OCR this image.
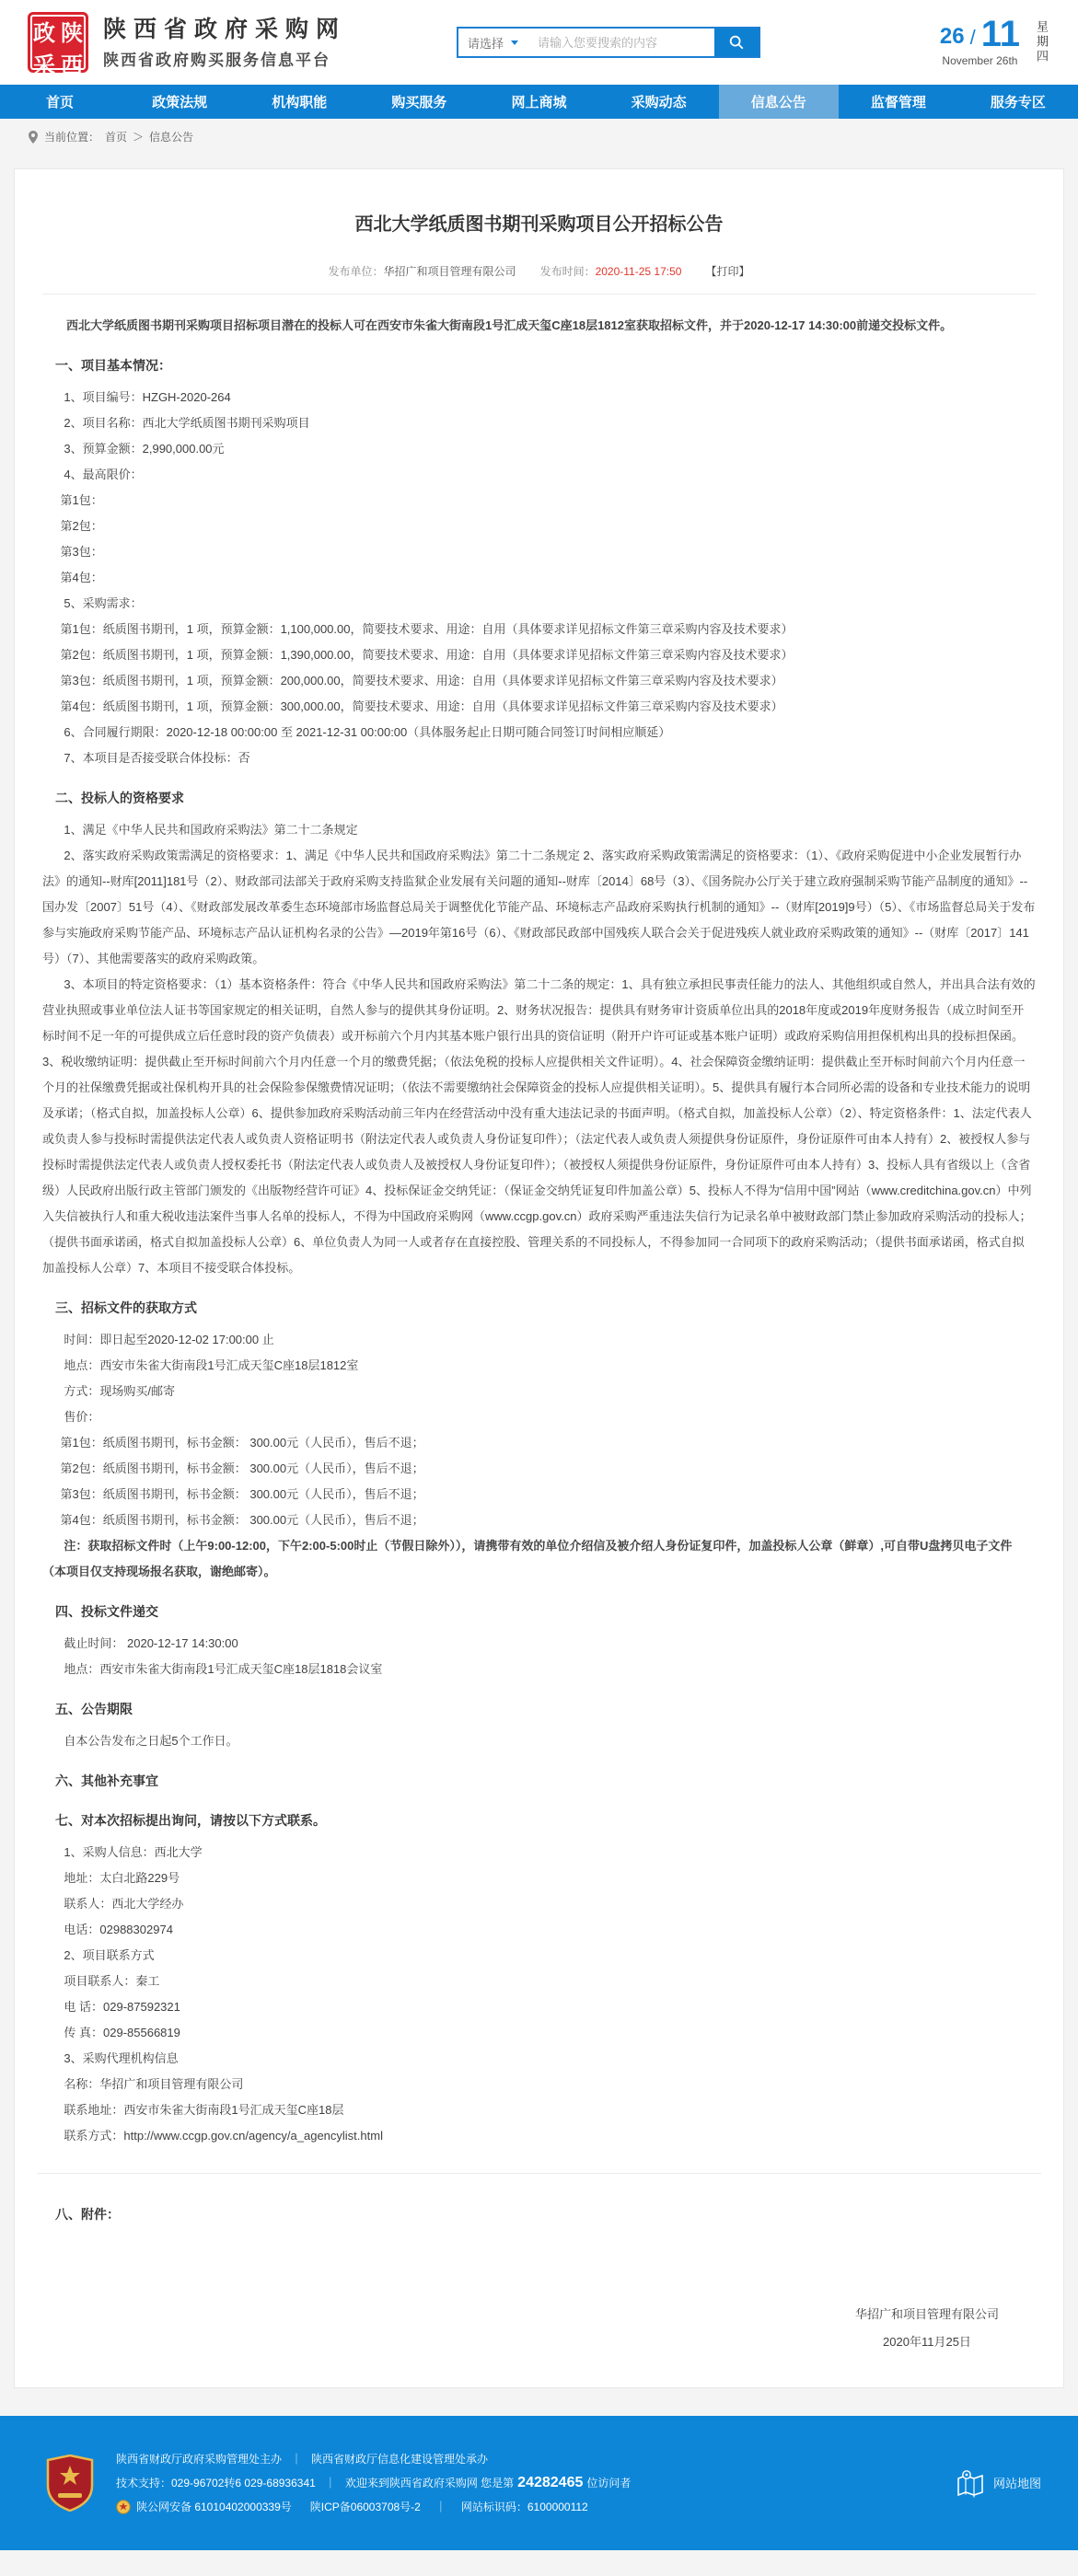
政 陕
采 西
陕西省政府采购网
陕西省政府购买服务信息平台
请选择
请输入您要搜索的内容	26 / 11
November 26th 星期四
首页	政策法规	机构职能	购买服务	网上商城	采购动态	信息公告	监督管理	服务专区
当前位置： 首页 ＞ 信息公告
西北大学纸质图书期刊采购项目公开招标公告
发布单位：华招广和项目管理有限公司 发布时间：2020-11-25 17:50 【打印】

西北大学纸质图书期刊采购项目招标项目潜在的投标人可在西安市朱雀大街南段1号汇成天玺C座18层1812室获取招标文件，并于2020-12-17 14:30:00前递交投标文件。

一、项目基本情况：

1、项目编号：HZGH-2020-264

2、项目名称：西北大学纸质图书期刊采购项目

3、预算金额：2,990,000.00元

4、最高限价：

第1包：

第2包：

第3包：

第4包：

5、采购需求：

第1包：纸质图书期刊，1 项，预算金额：1,100,000.00，简要技术要求、用途：自用（具体要求详见招标文件第三章采购内容及技术要求）

第2包：纸质图书期刊，1 项，预算金额：1,390,000.00，简要技术要求、用途：自用（具体要求详见招标文件第三章采购内容及技术要求）

第3包：纸质图书期刊，1 项，预算金额：200,000.00，简要技术要求、用途：自用（具体要求详见招标文件第三章采购内容及技术要求）

第4包：纸质图书期刊，1 项，预算金额：300,000.00，简要技术要求、用途：自用（具体要求详见招标文件第三章采购内容及技术要求）

6、合同履行期限：2020-12-18 00:00:00 至 2021-12-31 00:00:00（具体服务起止日期可随合同签订时间相应顺延）

7、本项目是否接受联合体投标：否

二、投标人的资格要求

1、满足《中华人民共和国政府采购法》第二十二条规定

2、落实政府采购政策需满足的资格要求：1、满足《中华人民共和国政府采购法》第二十二条规定 2、落实政府采购政策需满足的资格要求：（1）、《政府采购促进中小企业发展暂行办法》的通知--财库[2011]181号（2）、财政部司法部关于政府采购支持监狱企业发展有关问题的通知--财库〔2014〕68号（3）、《国务院办公厅关于建立政府强制采购节能产品制度的通知》--国办发〔2007〕51号（4）、《财政部发展改革委生态环境部市场监督总局关于调整优化节能产品、环境标志产品政府采购执行机制的通知》--（财库[2019]9号）（5）、《市场监督总局关于发布参与实施政府采购节能产品、环境标志产品认证机构名录的公告》—2019年第16号（6）、《财政部民政部中国残疾人联合会关于促进残疾人就业政府采购政策的通知》--（财库〔2017〕141号）（7）、其他需要落实的政府采购政策。

3、本项目的特定资格要求：（1）基本资格条件：符合《中华人民共和国政府采购法》第二十二条的规定：1、具有独立承担民事责任能力的法人、其他组织或自然人，并出具合法有效的营业执照或事业单位法人证书等国家规定的相关证明，自然人参与的提供其身份证明。2、财务状况报告：提供具有财务审计资质单位出具的2018年度或2019年度财务报告（成立时间至开标时间不足一年的可提供成立后任意时段的资产负债表）或开标前六个月内其基本账户银行出具的资信证明（附开户许可证或基本账户证明）或政府采购信用担保机构出具的投标担保函。3、税收缴纳证明：提供截止至开标时间前六个月内任意一个月的缴费凭据；（依法免税的投标人应提供相关文件证明）。4、社会保障资金缴纳证明：提供截止至开标时间前六个月内任意一个月的社保缴费凭据或社保机构开具的社会保险参保缴费情况证明；（依法不需要缴纳社会保障资金的投标人应提供相关证明）。5、提供具有履行本合同所必需的设备和专业技术能力的说明及承诺；（格式自拟，加盖投标人公章）6、提供参加政府采购活动前三年内在经营活动中没有重大违法记录的书面声明。（格式自拟，加盖投标人公章）（2）、特定资格条件：1、法定代表人或负责人参与投标时需提供法定代表人或负责人资格证明书（附法定代表人或负责人身份证复印件）；（法定代表人或负责人须提供身份证原件，身份证原件可由本人持有）2、被授权人参与投标时需提供法定代表人或负责人授权委托书（附法定代表人或负责人及被授权人身份证复印件）；（被授权人须提供身份证原件，身份证原件可由本人持有）3、投标人具有省级以上（含省级）人民政府出版行政主管部门颁发的《出版物经营许可证》4、投标保证金交纳凭证：（保证金交纳凭证复印件加盖公章）5、投标人不得为“信用中国”网站（www.creditchina.gov.cn）中列入失信被执行人和重大税收违法案件当事人名单的投标人，不得为中国政府采购网（www.ccgp.gov.cn）政府采购严重违法失信行为记录名单中被财政部门禁止参加政府采购活动的投标人；（提供书面承诺函，格式自拟加盖投标人公章）6、单位负责人为同一人或者存在直接控股、管理关系的不同投标人，不得参加同一合同项下的政府采购活动；（提供书面承诺函，格式自拟加盖投标人公章）7、本项目不接受联合体投标。

三、招标文件的获取方式

时间：即日起至2020-12-02 17:00:00 止

地点：西安市朱雀大街南段1号汇成天玺C座18层1812室

方式：现场购买/邮寄

售价：

第1包：纸质图书期刊，标书金额： 300.00元（人民币），售后不退；

第2包：纸质图书期刊，标书金额： 300.00元（人民币），售后不退；

第3包：纸质图书期刊，标书金额： 300.00元（人民币），售后不退；

第4包：纸质图书期刊，标书金额： 300.00元（人民币），售后不退；

注：获取招标文件时（上午9:00-12:00，下午2:00-5:00时止（节假日除外）），请携带有效的单位介绍信及被介绍人身份证复印件，加盖投标人公章（鲜章）,可自带U盘拷贝电子文件（本项目仅支持现场报名获取，谢绝邮寄）。

四、投标文件递交

截止时间： 2020-12-17 14:30:00

地点：西安市朱雀大街南段1号汇成天玺C座18层1818会议室

五、公告期限

自本公告发布之日起5个工作日。

六、其他补充事宜

七、对本次招标提出询问，请按以下方式联系。

1、采购人信息：西北大学

地址：太白北路229号

联系人：西北大学经办

电话：02988302974

2、项目联系方式

项目联系人：秦工

电 话：029-87592321

传 真：029-85566819

3、采购代理机构信息

名称：华招广和项目管理有限公司

联系地址：西安市朱雀大街南段1号汇成天玺C座18层

联系方式：http://www.ccgp.gov.cn/agency/a_agencylist.html

八、附件：

华招广和项目管理有限公司
2020年11月25日
陕西省财政厅政府采购管理处主办 ｜ 陕西省财政厅信息化建设管理处承办
技术支持：029-96702转6 029-68936341 ｜ 欢迎来到陕西省政府采购网 您是第 24282465 位访问者
陕公网安备 61010402000339号 陕ICP备06003708号-2	｜	网站标识码：6100000112
网站地图
